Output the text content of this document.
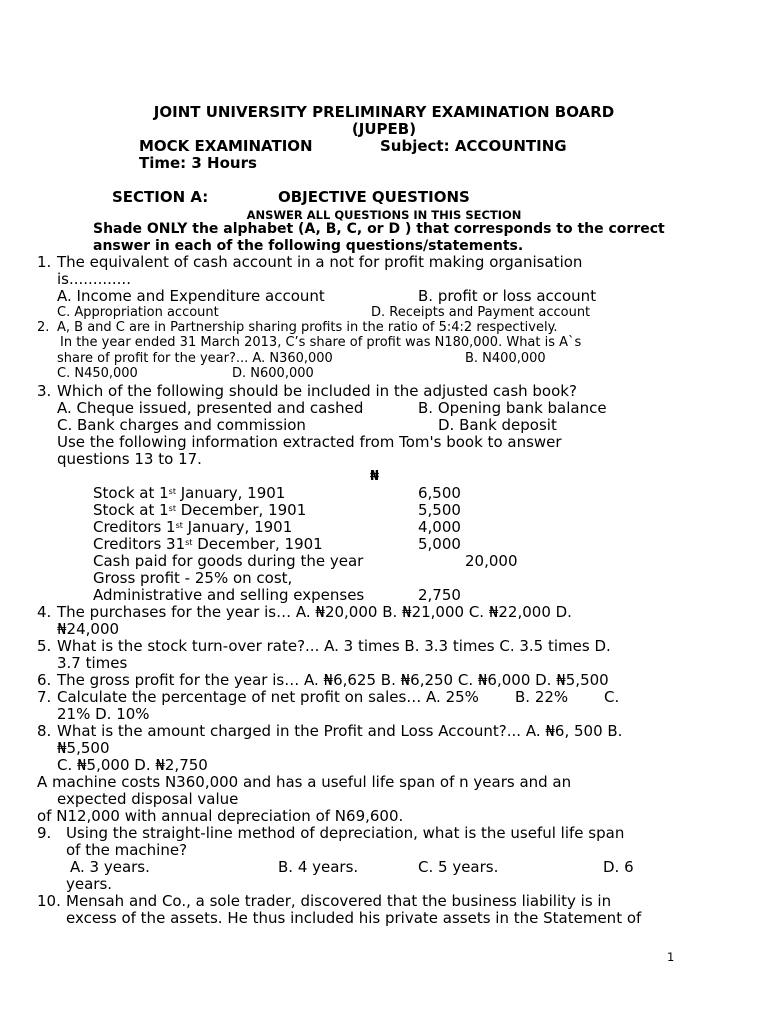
JOINT UNIVERSITY PRELIMINARY EXAMINATION BOARD
(JUPEB)
MOCK EXAMINATION	Subject: ACCOUNTING
Time: 3 Hours
SECTION A:	OBJECTIVE QUESTIONS
ANSWER ALL QUESTIONS IN THIS SECTION
Shade ONLY the alphabet (A, B, C, or D ) that corresponds to the correct
answer in each of the following questions/statements.
1. The equivalent of cash account in a not for profit making organisation
is.............
A. Income and Expenditure account	B. profit or loss account
C. Appropriation account	D. Receipts and Payment account
2. A, B and C are in Partnership sharing profits in the ratio of 5:4:2 respectively.
In the year ended 31 March 2013, C’s share of profit was N180,000. What is A`s
share of profit for the year?... A. N360,000	B. N400,000
C. N450,000	D. N600,000
3. Which of the following should be included in the adjusted cash book?
A. Cheque issued, presented and cashed	B. Opening bank balance
C. Bank charges and commission	D. Bank deposit
Use the following information extracted from Tom's book to answer
questions 13 to 17.
₦
Stock at 1st January, 1901	6,500
Stock at 1st December, 1901	5,500
Creditors 1st January, 1901	4,000
Creditors 31st December, 1901	5,000
Cash paid for goods during the year	20,000
Gross profit - 25% on cost,
Administrative and selling expenses	2,750
4. The purchases for the year is… A. ₦20,000 B. ₦21,000 C. ₦22,000 D.
₦24,000
5. What is the stock turn-over rate?... A. 3 times B. 3.3 times C. 3.5 times D.
3.7 times
6. The gross profit for the year is… A. ₦6,625 B. ₦6,250 C. ₦6,000 D. ₦5,500
7. Calculate the percentage of net profit on sales… A. 25% B. 22% C.
21% D. 10%
8. What is the amount charged in the Profit and Loss Account?... A. ₦6, 500 B.
₦5,500
C. ₦5,000 D. ₦2,750
A machine costs N360,000 and has a useful life span of n years and an
expected disposal value
of N12,000 with annual depreciation of N69,600.
9. Using the straight-line method of depreciation, what is the useful life span
of the machine?
A. 3 years.	B. 4 years.	C. 5 years.	D. 6
years.
10. Mensah and Co., a sole trader, discovered that the business liability is in
excess of the assets. He thus included his private assets in the Statement of
1
